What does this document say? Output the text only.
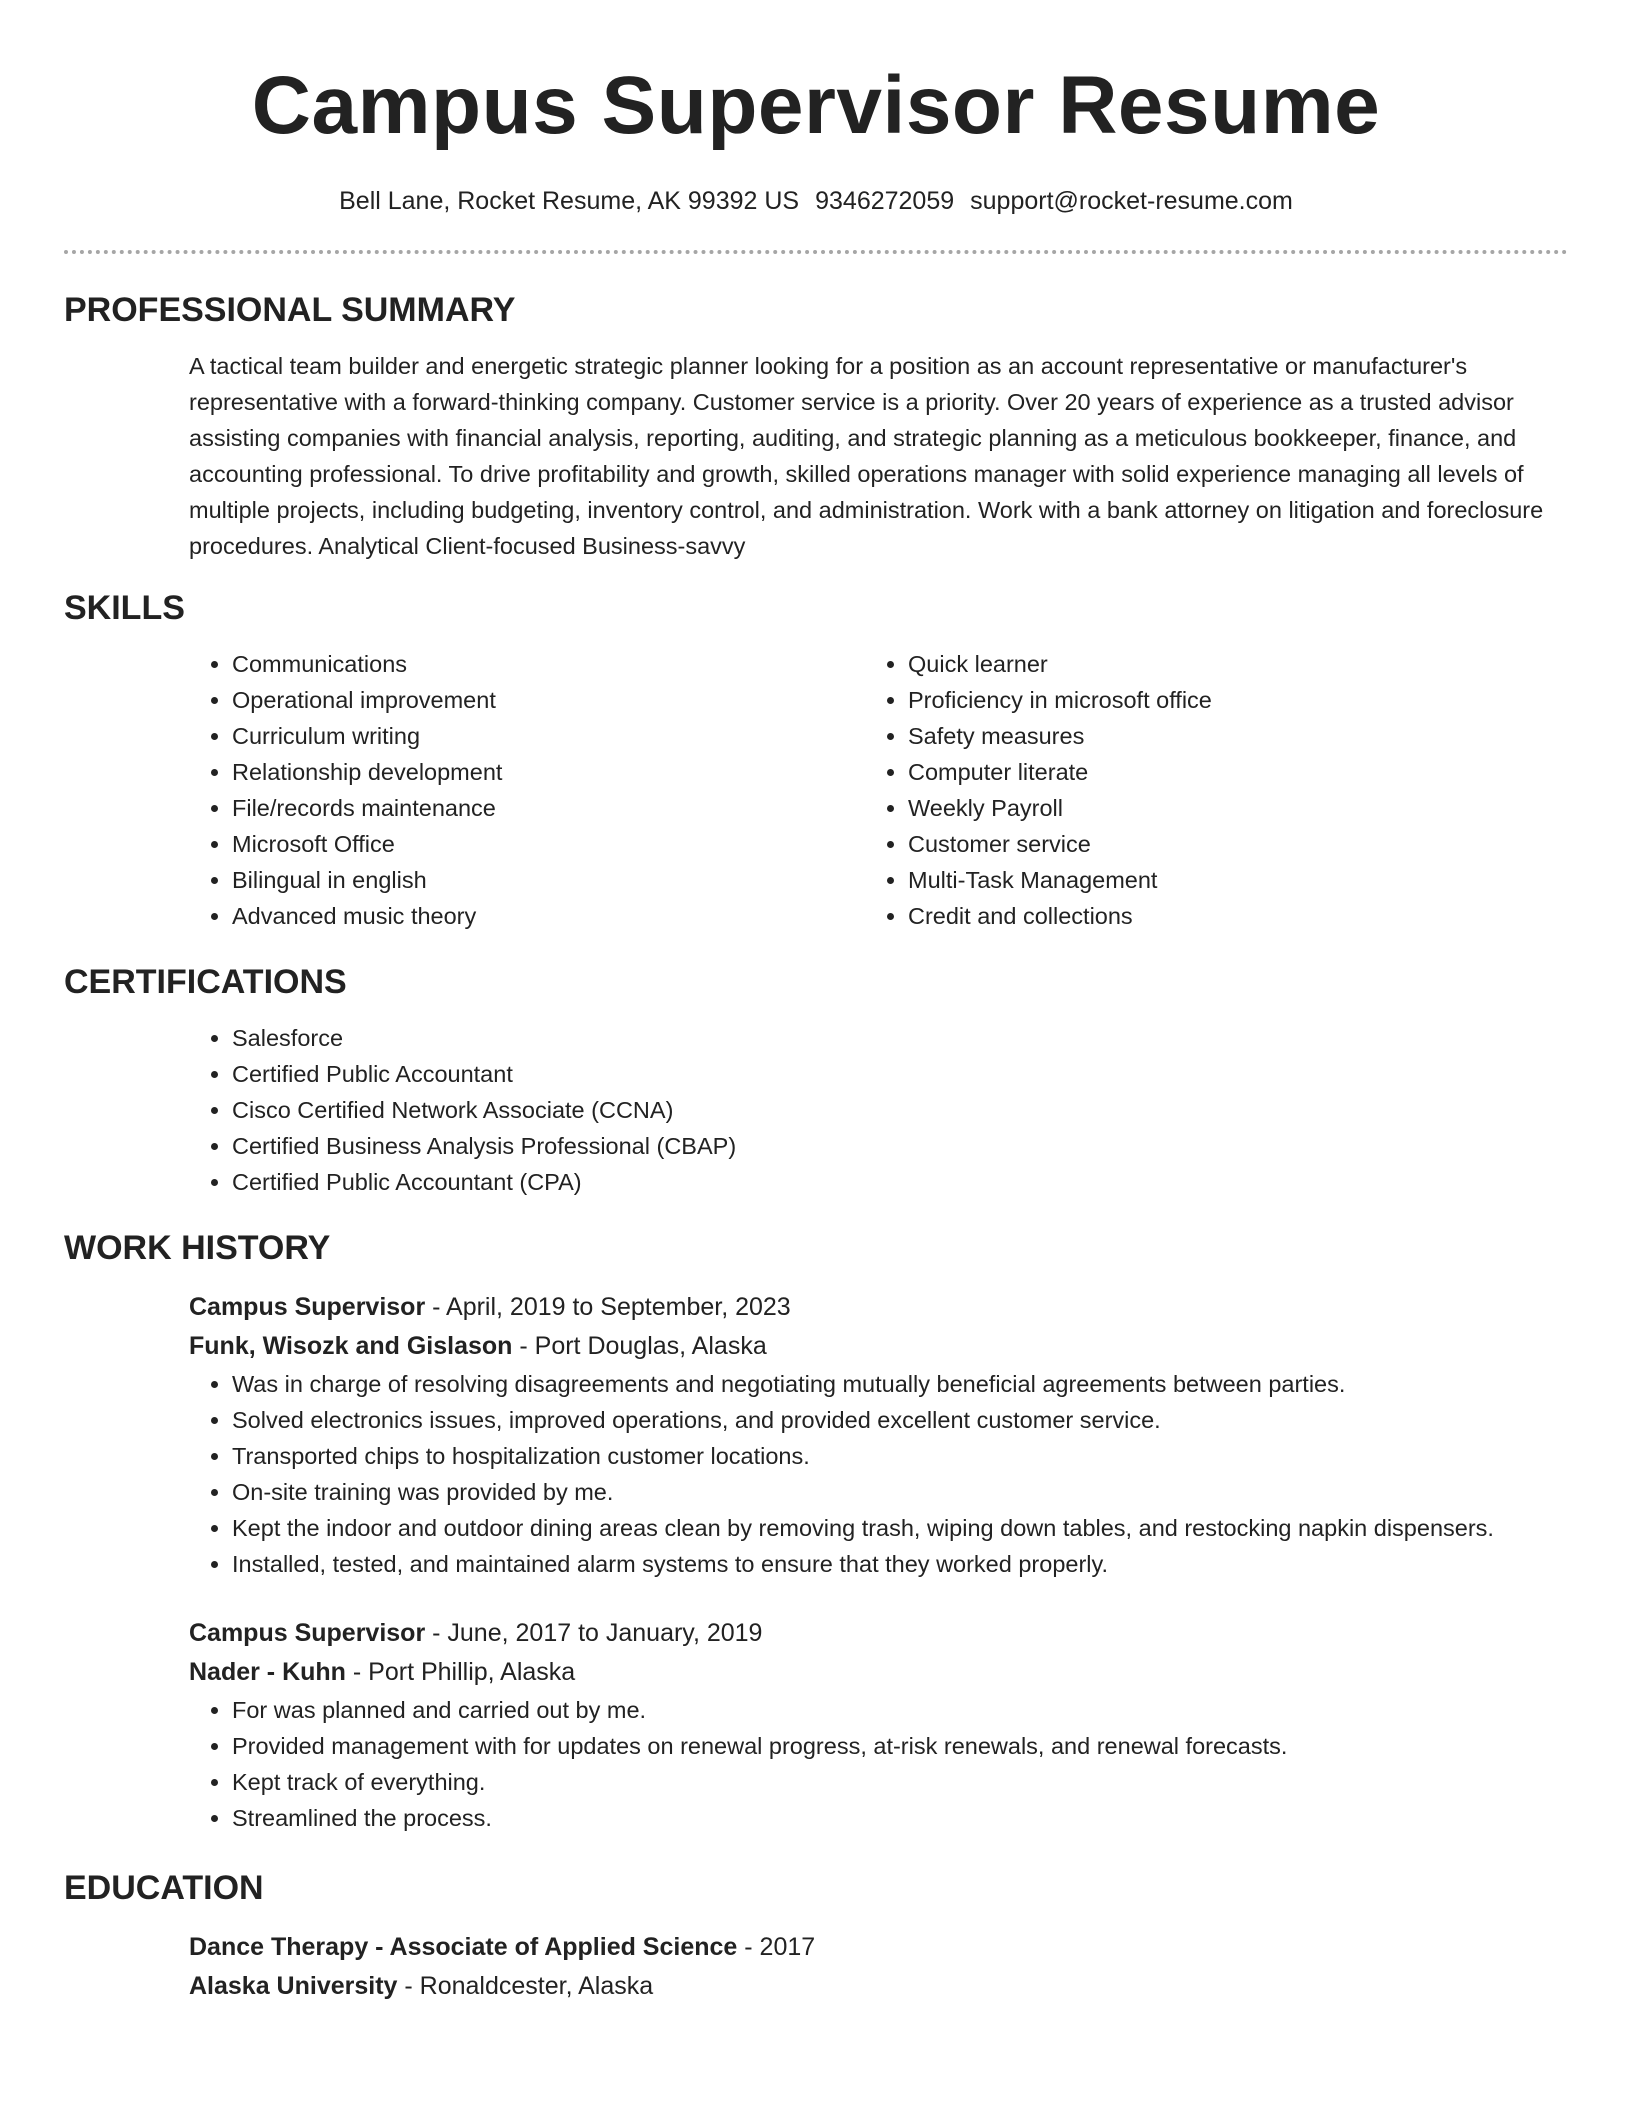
Campus Supervisor Resume
Bell Lane, Rocket Resume, AK 99392 US 9346272059 support@rocket-resume.com
PROFESSIONAL SUMMARY
A tactical team builder and energetic strategic planner looking for a position as an account representative or manufacturer's representative with a forward-thinking company. Customer service is a priority. Over 20 years of experience as a trusted advisor assisting companies with financial analysis, reporting, auditing, and strategic planning as a meticulous bookkeeper, finance, and accounting professional. To drive profitability and growth, skilled operations manager with solid experience managing all levels of multiple projects, including budgeting, inventory control, and administration. Work with a bank attorney on litigation and foreclosure procedures. Analytical Client-focused Business-savvy
SKILLS
• Communications
• Operational improvement
• Curriculum writing
• Relationship development
• File/records maintenance
• Microsoft Office
• Bilingual in english
• Advanced music theory
• Quick learner
• Proficiency in microsoft office
• Safety measures
• Computer literate
• Weekly Payroll
• Customer service
• Multi-Task Management
• Credit and collections
CERTIFICATIONS
• Salesforce
• Certified Public Accountant
• Cisco Certified Network Associate (CCNA)
• Certified Business Analysis Professional (CBAP)
• Certified Public Accountant (CPA)
WORK HISTORY
Campus Supervisor - April, 2019 to September, 2023
Funk, Wisozk and Gislason - Port Douglas, Alaska
• Was in charge of resolving disagreements and negotiating mutually beneficial agreements between parties.
• Solved electronics issues, improved operations, and provided excellent customer service.
• Transported chips to hospitalization customer locations.
• On-site training was provided by me.
• Kept the indoor and outdoor dining areas clean by removing trash, wiping down tables, and restocking napkin dispensers.
• Installed, tested, and maintained alarm systems to ensure that they worked properly.
Campus Supervisor - June, 2017 to January, 2019
Nader - Kuhn - Port Phillip, Alaska
• For was planned and carried out by me.
• Provided management with for updates on renewal progress, at-risk renewals, and renewal forecasts.
• Kept track of everything.
• Streamlined the process.
EDUCATION
Dance Therapy - Associate of Applied Science - 2017
Alaska University - Ronaldcester, Alaska
